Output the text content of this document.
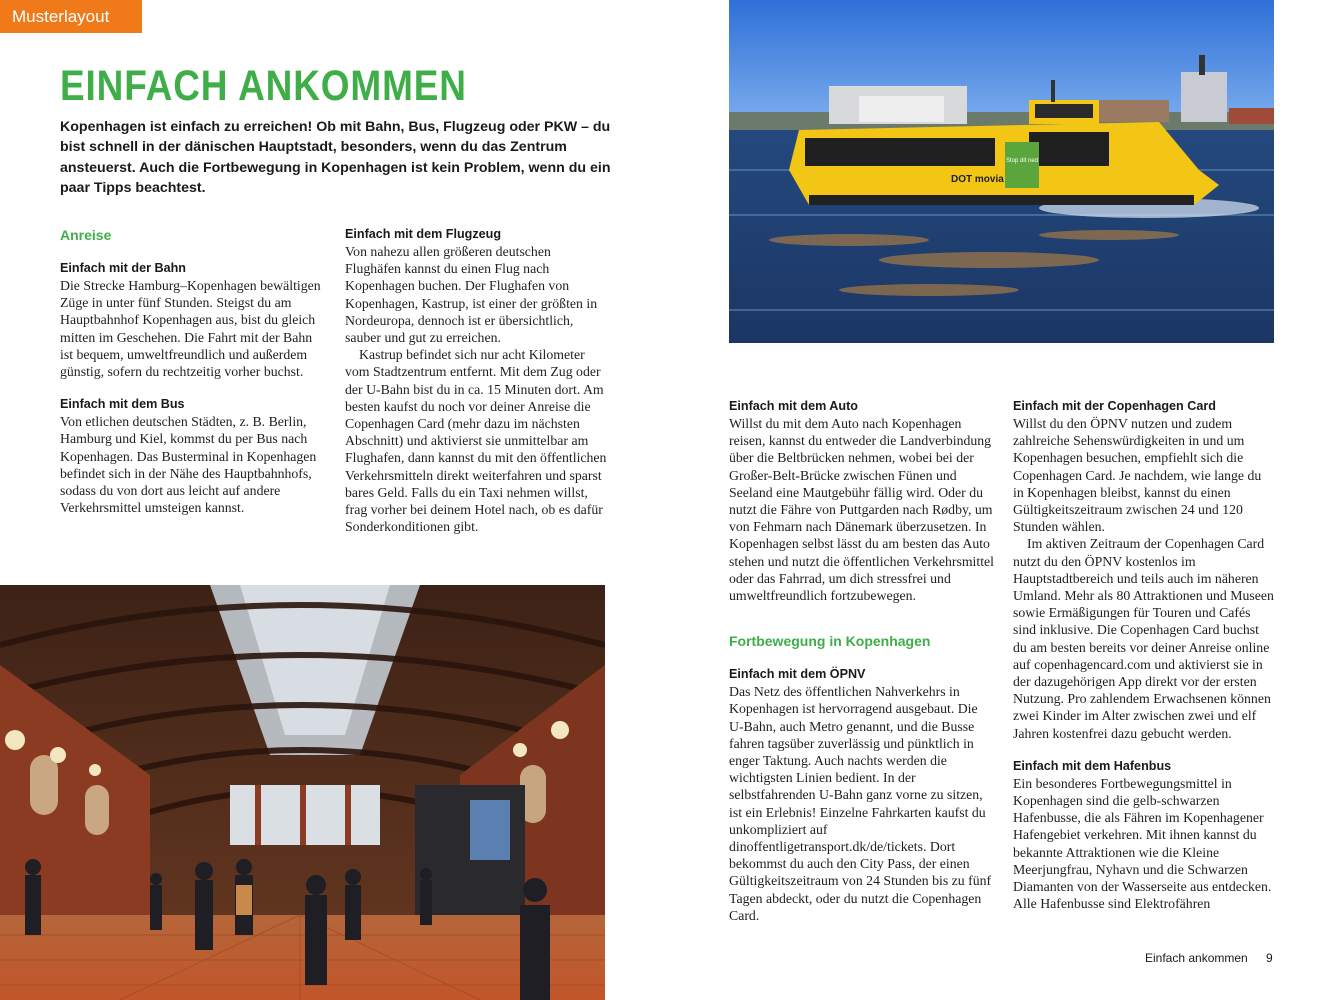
Musterlayout
EINFACH ANKOMMEN

Kopenhagen ist einfach zu erreichen! Ob mit Bahn, Bus, Flugzeug oder PKW – du bist schnell in der dänischen Hauptstadt, besonders, wenn du das Zentrum ansteuerst. Auch die Fortbewegung in Kopenhagen ist kein Problem, wenn du ein paar Tipps beachtest.

Anreise

Einfach mit der Bahn

Die Strecke Hamburg–Kopenhagen bewältigen Züge in unter fünf Stunden. Steigst du am Hauptbahnhof Kopenhagen aus, bist du gleich mitten im Geschehen. Die Fahrt mit der Bahn ist bequem, umweltfreundlich und außerdem günstig, sofern du rechtzeitig vorher buchst.

Einfach mit dem Bus

Von etlichen deutschen Städten, z. B. Berlin, Hamburg und Kiel, kommst du per Bus nach Kopenhagen. Das Busterminal in Kopenhagen befindet sich in der Nähe des Hauptbahnhofs, sodass du von dort aus leicht auf andere Verkehrsmittel umsteigen kannst.

Einfach mit dem Flugzeug

Von nahezu allen größeren deutschen Flughäfen kannst du einen Flug nach Kopenhagen buchen. Der Flughafen von Kopenhagen, Kastrup, ist einer der größten in Nordeuropa, dennoch ist er übersichtlich, sauber und gut zu erreichen.

Kastrup befindet sich nur acht Kilometer vom Stadtzentrum entfernt. Mit dem Zug oder der U-Bahn bist du in ca. 15 Minuten dort. Am besten kaufst du noch vor deiner Anreise die Copenhagen Card (mehr dazu im nächsten Abschnitt) und aktivierst sie unmittelbar am Flughafen, dann kannst du mit den öffentlichen Verkehrsmitteln direkt weiterfahren und sparst bares Geld. Falls du ein Taxi nehmen willst, frag vorher bei deinem Hotel nach, ob es dafür Sonderkonditionen gibt.

Stop dit ned
DOT movia

Einfach mit dem Auto

Willst du mit dem Auto nach Kopenhagen reisen, kannst du entweder die Landverbindung über die Beltbrücken nehmen, wobei bei der Großer-Belt-Brücke zwischen Fünen und Seeland eine Mautgebühr fällig wird. Oder du nutzt die Fähre von Puttgarden nach Rødby, um von Fehmarn nach Dänemark überzusetzen. In Kopenhagen selbst lässt du am besten das Auto stehen und nutzt die öffentlichen Verkehrsmittel oder das Fahrrad, um dich stressfrei und umweltfreundlich fortzubewegen.

Fortbewegung in Kopenhagen

Einfach mit dem ÖPNV

Das Netz des öffentlichen Nahverkehrs in Kopenhagen ist hervorragend ausgebaut. Die U-Bahn, auch Metro genannt, und die Busse fahren tagsüber zuverlässig und pünktlich in enger Taktung. Auch nachts werden die wichtigsten Linien bedient. In der selbstfahrenden U-Bahn ganz vorne zu sitzen, ist ein Erlebnis! Einzelne Fahrkarten kaufst du unkompliziert auf dinoffentligetransport.dk/de/tickets. Dort bekommst du auch den City Pass, der einen Gültigkeitszeitraum von 24 Stunden bis zu fünf Tagen abdeckt, oder du nutzt die Copenhagen Card.

Einfach mit der Copenhagen Card

Willst du den ÖPNV nutzen und zudem zahlreiche Sehenswürdigkeiten in und um Kopenhagen besuchen, empfiehlt sich die Copenhagen Card. Je nachdem, wie lange du in Kopenhagen bleibst, kannst du einen Gültigkeitszeitraum zwischen 24 und 120 Stunden wählen.

Im aktiven Zeitraum der Copenhagen Card nutzt du den ÖPNV kostenlos im Hauptstadtbereich und teils auch im näheren Umland. Mehr als 80 Attraktionen und Museen sowie Ermäßigungen für Touren und Cafés sind inklusive. Die Copenhagen Card buchst du am besten bereits vor deiner Anreise online auf copenhagencard.com und aktivierst sie in der dazugehörigen App direkt vor der ersten Nutzung. Pro zahlendem Erwachsenen können zwei Kinder im Alter zwischen zwei und elf Jahren kostenfrei dazu gebucht werden.

Einfach mit dem Hafenbus

Ein besonderes Fortbewegungsmittel in Kopenhagen sind die gelb-schwarzen Hafenbusse, die als Fähren im Kopenhagener Hafengebiet verkehren. Mit ihnen kannst du bekannte Attraktionen wie die Kleine Meerjungfrau, Nyhavn und die Schwarzen Diamanten von der Wasserseite aus entdecken. Alle Hafenbusse sind Elektrofähren

Einfach ankommen 9
